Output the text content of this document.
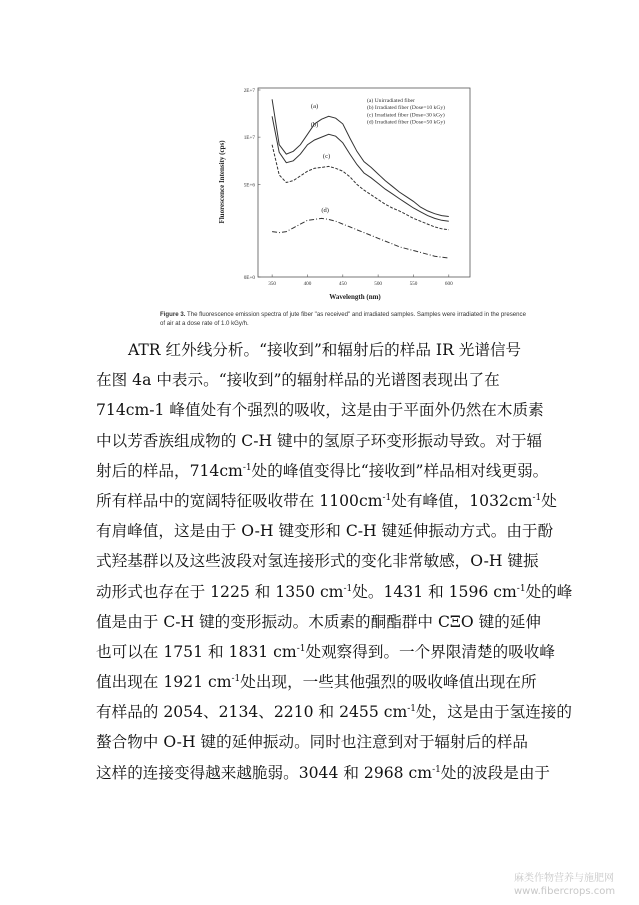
350	400	450	500	550	600
0E+0
5E+6
1E+7
2E+7
(a) Unirradiated fiber
(b) Irradiated fiber (Dose=10 kGy)
(c) Irradiated fiber (Dose=30 kGy)
(d) Irradiated fiber (Dose=50 kGy)
(a)
(b)
(c)
(d)
Wavelength (nm)
Fluorescence Intensity (cps)
Figure 3. The fluorescence emission spectra of jute fiber "as received" and irradiated samples. Samples were irradiated in the presence of air at a dose rate of 1.0 kGy/h.
ATR 红外线分析。“接收到”和辐射后的样品 IR 光谱信号
在图 4a 中表示。“接收到”的辐射样品的光谱图表现出了在
714cm-1 峰值处有个强烈的吸收，这是由于平面外仍然在木质素
中以芳香族组成物的 C-H 键中的氢原子环变形振动导致。对于辐
射后的样品，$714cm^{-1}$处的峰值变得比“接收到”样品相对线更弱。
所有样品中的宽阔特征吸收带在 $1100cm^{-1}$处有峰值，$1032cm^{-1}$处
有肩峰值，这是由于 O-H 键变形和 C-H 键延伸振动方式。由于酚
式羟基群以及这些波段对氢连接形式的变化非常敏感，O-H 键振
动形式也存在于 1225 和 1350 $cm^{-1}$处。1431 和 1596 $cm^{-1}$处的峰
值是由于 C-H 键的变形振动。木质素的酮酯群中 CΞO 键的延伸
也可以在 1751 和 1831 $cm^{-1}$处观察得到。一个界限清楚的吸收峰
值出现在 1921 $cm^{-1}$处出现，一些其他强烈的吸收峰值出现在所
有样品的 2054、2134、2210 和 2455 $cm^{-1}$处，这是由于氢连接的
螯合物中 O-H 键的延伸振动。同时也注意到对于辐射后的样品
这样的连接变得越来越脆弱。3044 和 2968 $cm^{-1}$处的波段是由于
麻类作物营养与施肥网
www.fibercrops.com
